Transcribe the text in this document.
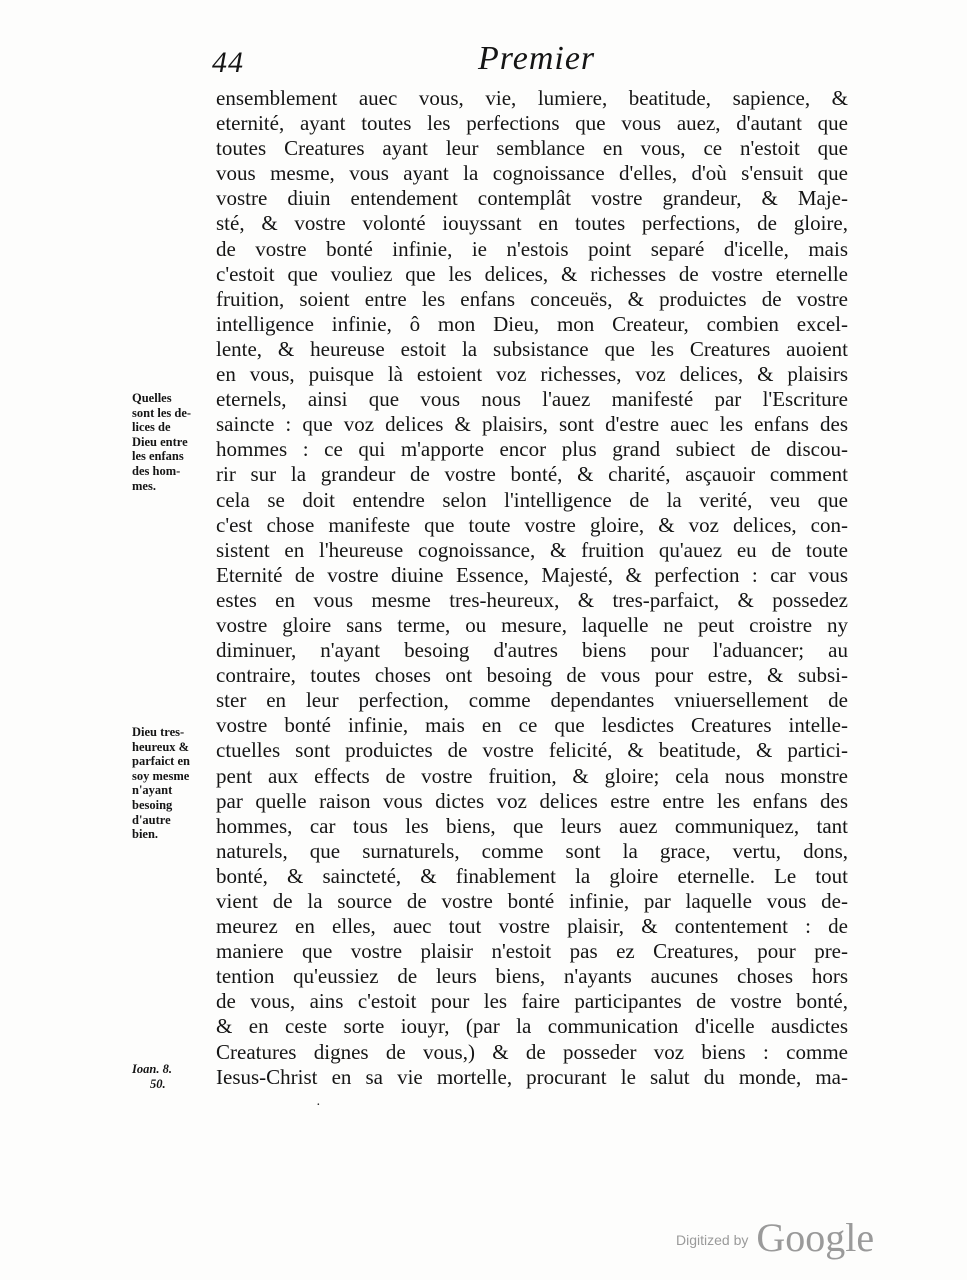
44	Premier
ensemblement auec vous, vie, lumiere, beatitude, sapience, &
eternité, ayant toutes les perfections que vous auez, d'autant que
toutes Creatures ayant leur semblance en vous, ce n'estoit que
vous mesme, vous ayant la cognoissance d'elles, d'où s'ensuit que
vostre diuin entendement contemplât vostre grandeur, & Maje-
sté, & vostre volonté iouyssant en toutes perfections, de gloire,
de vostre bonté infinie, ie n'estois point separé d'icelle, mais
c'estoit que vouliez que les delices, & richesses de vostre eternelle
fruition, soient entre les enfans conceuës, & produictes de vostre
intelligence infinie, ô mon Dieu, mon Createur, combien excel-
lente, & heureuse estoit la subsistance que les Creatures auoient
en vous, puisque là estoient voz richesses, voz delices, & plaisirs
eternels, ainsi que vous nous l'auez manifesté par l'Escriture
saincte : que voz delices & plaisirs, sont d'estre auec les enfans des
hommes : ce qui m'apporte encor plus grand subiect de discou-
rir sur la grandeur de vostre bonté, & charité, asçauoir comment
cela se doit entendre selon l'intelligence de la verité, veu que
c'est chose manifeste que toute vostre gloire, & voz delices, con-
sistent en l'heureuse cognoissance, & fruition qu'auez eu de toute
Eternité de vostre diuine Essence, Majesté, & perfection : car vous
estes en vous mesme tres-heureux, & tres-parfaict, & possedez
vostre gloire sans terme, ou mesure, laquelle ne peut croistre ny
diminuer, n'ayant besoing d'autres biens pour l'aduancer; au
contraire, toutes choses ont besoing de vous pour estre, & subsi-
ster en leur perfection, comme dependantes vniuersellement de
vostre bonté infinie, mais en ce que lesdictes Creatures intelle-
ctuelles sont produictes de vostre felicité, & beatitude, & partici-
pent aux effects de vostre fruition, & gloire; cela nous monstre
par quelle raison vous dictes voz delices estre entre les enfans des
hommes, car tous les biens, que leurs auez communiquez, tant
naturels, que surnaturels, comme sont la grace, vertu, dons,
bonté, & saincteté, & finablement la gloire eternelle. Le tout
vient de la source de vostre bonté infinie, par laquelle vous de-
meurez en elles, auec tout vostre plaisir, & contentement : de
maniere que vostre plaisir n'estoit pas ez Creatures, pour pre-
tention qu'eussiez de leurs biens, n'ayants aucunes choses hors
de vous, ains c'estoit pour les faire participantes de vostre bonté,
& en ceste sorte iouyr, (par la communication d'icelle ausdictes
Creatures dignes de vous,) & de posseder voz biens : comme
Iesus-Christ en sa vie mortelle, procurant le salut du monde, ma-
Quelles
sont les de-
lices de
Dieu entre
les enfans
des hom-
mes.
Dieu tres-
heureux &
parfaict en
soy mesme
n'ayant
besoing
d'autre
bien.
Ioan. 8.
50.
·
Digitized by Google
